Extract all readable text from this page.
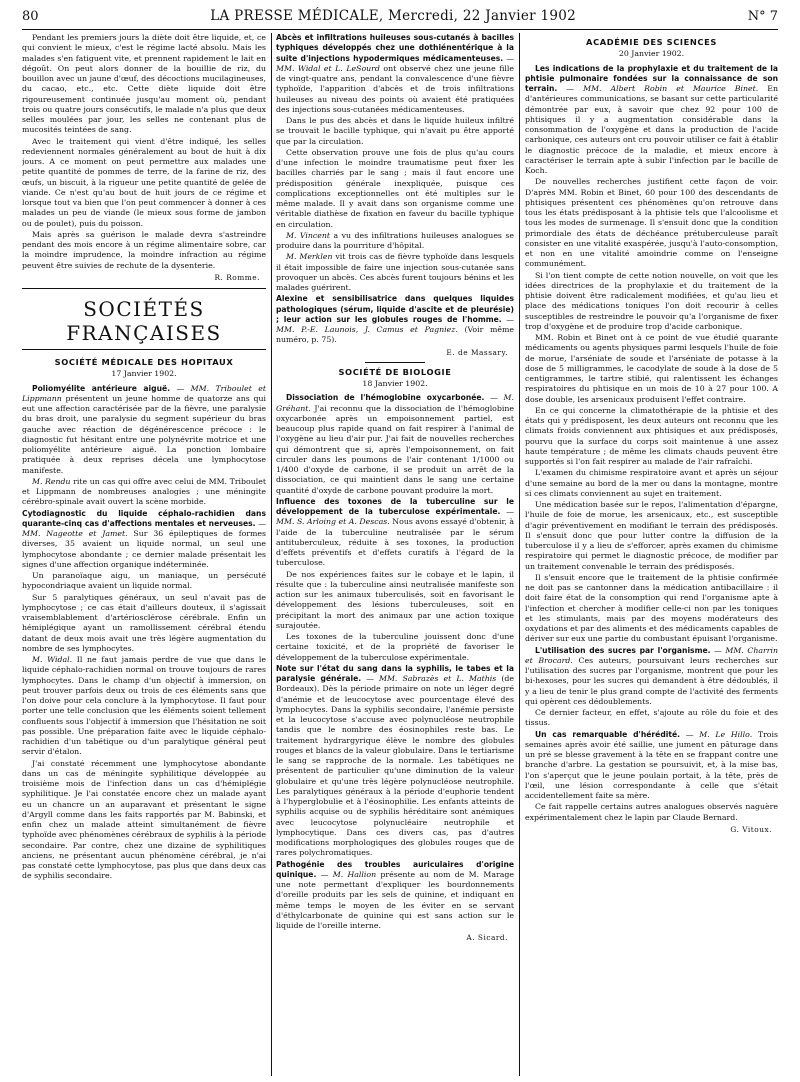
80	LA PRESSE MÉDICALE, Mercredi, 22 Janvier 1902	N° 7

Pendant les premiers jours la diète doit être liquide, et, ce qui convient le mieux, c'est le régime lacté absolu. Mais les malades s'en fatiguent vite, et prennent rapidement le lait en dégoût. On peut alors donner de la bouillie de riz, du bouillon avec un jaune d'œuf, des décoctions mucilagineuses, du cacao, etc., etc. Cette diète liquide doit être rigoureusement continuée jusqu'au moment où, pendant trois ou quatre jours consécutifs, le malade n'a plus que deux selles moulées par jour, les selles ne contenant plus de mucosités teintées de sang.

Avec le traitement qui vient d'être indiqué, les selles redeviennent normales généralement au bout de huit à dix jours. A ce moment on peut permettre aux malades une petite quantité de pommes de terre, de la farine de riz, des œufs, un biscuit, à la rigueur une petite quantité de gelée de viande. Ce n'est qu'au bout de huit jours de ce régime et lorsque tout va bien que l'on peut commencer à donner à ces malades un peu de viande (le mieux sous forme de jambon ou de poulet), puis du poisson.

Mais après sa guérison le malade devra s'astreindre pendant des mois encore à un régime alimentaire sobre, car la moindre imprudence, la moindre infraction au régime peuvent être suivies de rechute de la dysenterie.

R. Romme.
SOCIÉTÉS FRANÇAISES
SOCIÉTÉ MÉDICALE DES HOPITAUX
17 Janvier 1902.

Poliomyélite antérieure aiguë. — MM. Triboulet et Lippmann présentent un jeune homme de quatorze ans qui eut une affection caractérisée par de la fièvre, une paralysie du bras droit, une paralysie du segment supérieur du bras gauche avec réaction de dégénérescence précoce : le diagnostic fut hésitant entre une polynévrite motrice et une poliomyélite antérieure aiguë. La ponction lombaire pratiquée à deux reprises décela une lymphocytose manifeste.

M. Rendu rite un cas qui offre avec celui de MM. Triboulet et Lippmann de nombreuses analogies ; une méningite cérébro-spinale avait ouvert la scène morbide.

Cytodiagnostic du liquide céphalo-rachidien dans quarante-cinq cas d'affections mentales et nerveuses. — MM. Nageotte et Jamet. Sur 36 épileptiques de formes diverses, 35 avaient un liquide normal, un seul une lymphocytose abondante ; ce dernier malade présentait les signes d'une affection organique indéterminée.

Un paranoïaque aigu, un maniaque, un persécuté hypocondriaque avaient un liquide normal.

Sur 5 paralytiques généraux, un seul n'avait pas de lymphocytose ; ce cas était d'ailleurs douteux, il s'agissait vraisemblablement d'artériosclérose cérébrale. Enfin un hémiplégique ayant un ramollissement cérébral étendu datant de deux mois avait une très légère augmentation du nombre de ses lymphocytes.

M. Widal. Il ne faut jamais perdre de vue que dans le liquide céphalo-rachidien normal on trouve toujours de rares lymphocytes. Dans le champ d'un objectif à immersion, on peut trouver parfois deux ou trois de ces éléments sans que l'on doive pour cela conclure à la lymphocytose. Il faut pour porter une telle conclusion que les éléments soient tellement confluents sous l'objectif à immersion que l'hésitation ne soit pas possible. Une préparation faite avec le liquide céphalo-rachidien d'un tabétique ou d'un paralytique général peut servir d'étalon.

J'ai constaté récemment une lymphocytose abondante dans un cas de méningite syphilitique développée au troisième mois de l'infection dans un cas d'hémiplégie syphilitique. Je l'ai constatée encore chez un malade ayant eu un chancre un an auparavant et présentant le signe d'Argyll comme dans les faits rapportés par M. Babinski, et enfin chez un malade atteint simultanément de fièvre typhoïde avec phénomènes cérébraux de syphilis à la période secondaire. Par contre, chez une dizaine de syphilitiques anciens, ne présentant aucun phénomène cérébral, je n'ai pas constaté cette lymphocytose, pas plus que dans deux cas de syphilis secondaire.

Abcès et infiltrations huileuses sous-cutanés à bacilles typhiques développés chez une dothiénentérique à la suite d'injections hypodermiques médicamenteuses. — MM. Widal et L. LeSourd ont observé chez une jeune fille de vingt-quatre ans, pendant la convalescence d'une fièvre typhoïde, l'apparition d'abcès et de trois infiltrations huileuses au niveau des points où avaient été pratiquées des injections sous-cutanées médicamenteuses.

Dans le pus des abcès et dans le liquide huileux infiltré se trouvait le bacille typhique, qui n'avait pu être apporté que par la circulation.

Cette observation prouve une fois de plus qu'au cours d'une infection le moindre traumatisme peut fixer les bacilles charriés par le sang ; mais il faut encore une prédisposition générale inexpliquée, puisque ces complications exceptionnelles ont été multiples sur le même malade. Il y avait dans son organisme comme une véritable diathèse de fixation en faveur du bacille typhique en circulation.

M. Vincent a vu des infiltrations huileuses analogues se produire dans la pourriture d'hôpital.

M. Merklen vit trois cas de fièvre typhoïde dans lesquels il était impossible de faire une injection sous-cutanée sans provoquer un abcès. Ces abcès furent toujours bénins et les malades guérirent.

Alexine et sensibilisatrice dans quelques liquides pathologiques (sérum, liquide d'ascite et de pleurésie) ; leur action sur les globules rouges de l'homme. — MM. P.-E. Launois, J. Camus et Pagniez. (Voir même numéro, p. 75).

E. de Massary.
SOCIÉTÉ DE BIOLOGIE
18 Janvier 1902.

Dissociation de l'hémoglobine oxycarbonée. — M. Gréhant. J'ai reconnu que la dissociation de l'hémoglobine oxycarbonée après un empoisonnement partiel, est beaucoup plus rapide quand on fait respirer à l'animal de l'oxygène au lieu d'air pur. J'ai fait de nouvelles recherches qui démontrent que si, après l'empoisonnement, on fait circuler dans les poumons de l'air contenant 1/1000 ou 1/400 d'oxyde de carbone, il se produit un arrêt de la dissociation, ce qui maintient dans le sang une certaine quantité d'oxyde de carbone pouvant produire la mort.

Influence des toxones de la tuberculine sur le développement de la tuberculose expérimentale. — MM. S. Arloing et A. Descas. Nous avons essayé d'obtenir, à l'aide de la tuberculine neutralisée par le sérum antituberculeux, réduite à ses toxones, la production d'effets préventifs et d'effets curatifs à l'égard de la tuberculose.

De nos expériences faites sur le cobaye et le lapin, il résulte que : la tuberculine ainsi neutralisée manifeste son action sur les animaux tuberculisés, soit en favorisant le développement des lésions tuberculeuses, soit en précipitant la mort des animaux par une action toxique surajoutée.

Les toxones de la tuberculine jouissent donc d'une certaine toxicité, et de la propriété de favoriser le développement de la tuberculose expérimentale.

Note sur l'état du sang dans la syphilis, le tabes et la paralysie générale. — MM. Sabrazès et L. Mathis (de Bordeaux). Dès la période primaire on note un léger degré d'anémie et de leucocytose avec pourcentage élevé des lymphocytes. Dans la syphilis secondaire, l'anémie persiste et la leucocytose s'accuse avec polynucléose neutrophile tandis que le nombre des éosinophiles reste bas. Le traitement hydrargyrique élève le nombre des globules rouges et blancs de la valeur globulaire. Dans le tertiarisme le sang se rapproche de la normale. Les tabétiques ne présentent de particulier qu'une diminution de la valeur globulaire et qu'une très légère polynucléose neutrophile. Les paralytiques généraux à la période d'euphorie tendent à l'hyperglobulie et à l'éosinophilie. Les enfants atteints de syphilis acquise ou de syphilis héréditaire sont anémiques avec leucocytose polynucléaire neutrophile et lymphocytique. Dans ces divers cas, pas d'autres modifications morphologiques des globules rouges que de rares polychromatiques.

Pathogénie des troubles auriculaires d'origine quinique. — M. Hallion présente au nom de M. Marage une note permettant d'expliquer les bourdonnements d'oreille produits par les sels de quinine, et indiquant en même temps le moyen de les éviter en se servant d'éthylcarbonate de quinine qui est sans action sur le liquide de l'oreille interne.

A. Sicard.
ACADÉMIE DES SCIENCES
20 Janvier 1902.

Les indications de la prophylaxie et du traitement de la phtisie pulmonaire fondées sur la connaissance de son terrain. — MM. Albert Robin et Maurice Binet. En d'antérieures communications, se basant sur cette particularité démontrée par eux, à savoir que chez 92 pour 100 de phtisiques il y a augmentation considérable dans la consommation de l'oxygène et dans la production de l'acide carbonique, ces auteurs ont cru pouvoir utiliser ce fait à établir le diagnostic précoce de la maladie, et mieux encore à caractériser le terrain apte à subir l'infection par le bacille de Koch.

De nouvelles recherches justifient cette façon de voir. D'après MM. Robin et Binet, 60 pour 100 des descendants de phtisiques présentent ces phénomènes qu'on retrouve dans tous les états prédisposant à la phtisie tels que l'alcoolisme et tous les modes de surmenage. Il s'ensuit donc que la condition primordiale des états de déchéance prétuberculeuse paraît consister en une vitalité exaspérée, jusqu'à l'auto-consomption, et non en une vitalité amoindrie comme on l'enseigne communément.

Si l'on tient compte de cette notion nouvelle, on voit que les idées directrices de la prophylaxie et du traitement de la phtisie doivent être radicalement modifiées, et qu'au lieu et place des médications toniques l'on doit recourir à celles susceptibles de restreindre le pouvoir qu'a l'organisme de fixer trop d'oxygène et de produire trop d'acide carbonique.

MM. Robin et Binet ont à ce point de vue étudié quarante médicaments ou agents physiques parmi lesquels l'huile de foie de morue, l'arséniate de soude et l'arséniate de potasse à la dose de 5 milligrammes, le cacodylate de soude à la dose de 5 centigrammes, le tartre stibié, qui ralentissent les échanges respiratoires du phtisique en un mois de 10 à 27 pour 100. A dose double, les arsenicaux produisent l'effet contraire.

En ce qui concerne la climatothérapie de la phtisie et des états qui y prédisposent, les deux auteurs ont reconnu que les climats froids conviennent aux phtisiques et aux prédisposés, pourvu que la surface du corps soit maintenue à une assez haute température ; de même les climats chauds peuvent être supportés si l'on fait respirer au malade de l'air rafraîchi.

L'examen du chimisme respiratoire avant et après un séjour d'une semaine au bord de la mer ou dans la montagne, montre si ces climats conviennent au sujet en traitement.

Une médication basée sur le repos, l'alimentation d'épargne, l'huile de foie de morue, les arsenicaux, etc., est susceptible d'agir préventivement en modifiant le terrain des prédisposés. Il s'ensuit donc que pour lutter contre la diffusion de la tuberculose il y a lieu de s'efforcer, après examen du chimisme respiratoire qui permet le diagnostic précoce, de modifier par un traitement convenable le terrain des prédisposés.

Il s'ensuit encore que le traitement de la phtisie confirmée ne doit pas se cantonner dans la médication antibacillaire : il doit faire état de la consomption qui rend l'organisme apte à l'infection et chercher à modifier celle-ci non par les toniques et les stimulants, mais par des moyens modérateurs des oxydations et par des aliments et des médicaments capables de dériver sur eux une partie du combustant épuisant l'organisme.

L'utilisation des sucres par l'organisme. — MM. Charrin et Brocard. Ces auteurs, poursuivant leurs recherches sur l'utilisation des sucres par l'organisme, montrent que pour les bi-hexoses, pour les sucres qui demandent à être dédoublés, il y a lieu de tenir le plus grand compte de l'activité des ferments qui opèrent ces dédoublements.

Ce dernier facteur, en effet, s'ajoute au rôle du foie et des tissus.

Un cas remarquable d'hérédité. — M. Le Hillo. Trois semaines après avoir été saillie, une jument en pâturage dans un pré se blesse gravement à la tête en se frappant contre une branche d'arbre. La gestation se poursuivit, et, à la mise bas, l'on s'aperçut que le jeune poulain portait, à la tête, près de l'œil, une lésion correspondante à celle que s'était accidentellement faite sa mère.

Ce fait rappelle certains autres analogues observés naguère expérimentalement chez le lapin par Claude Bernard.

G. Vitoux.
